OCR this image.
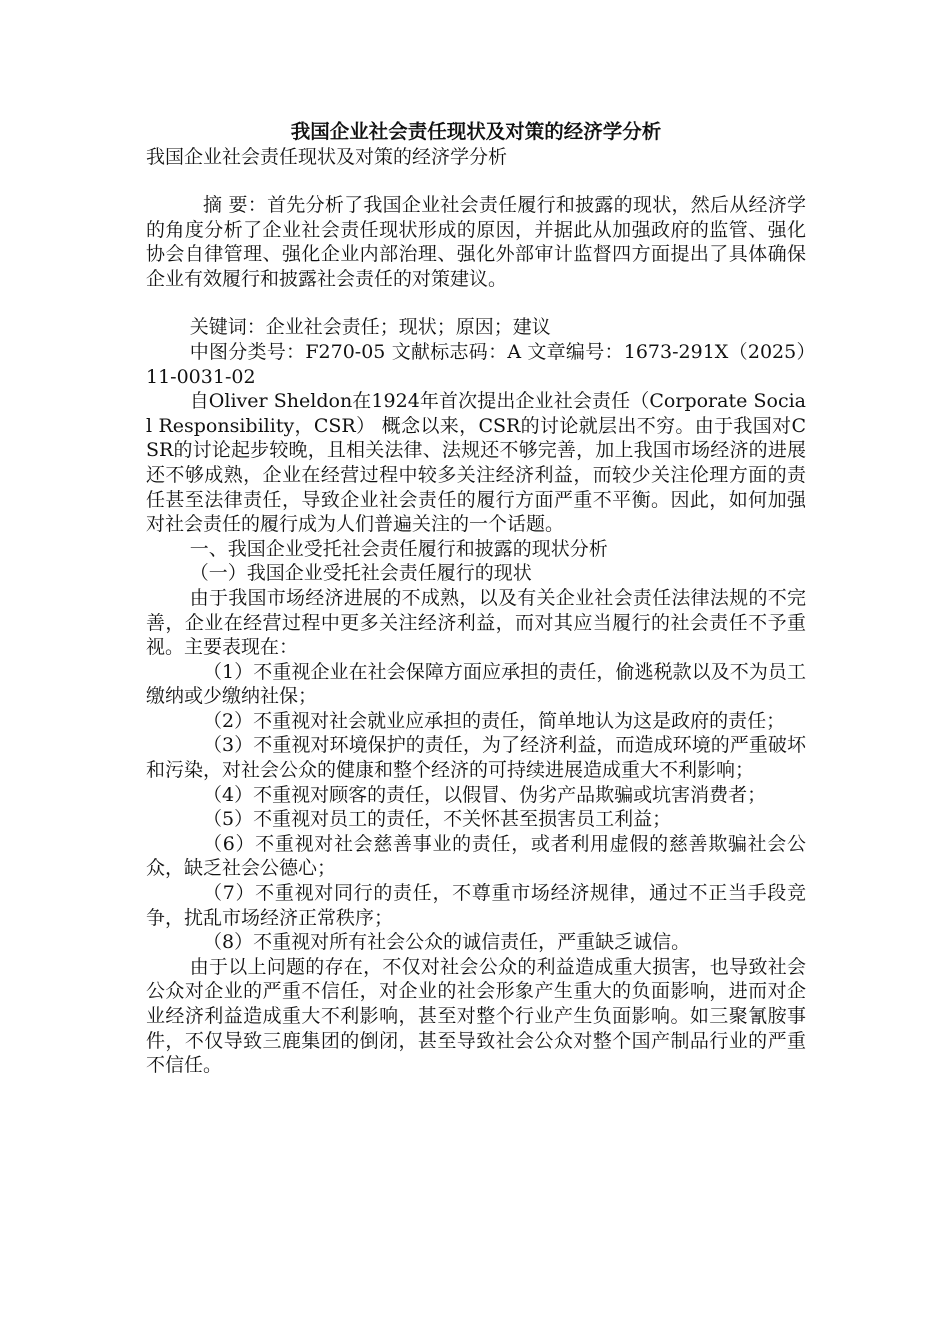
我国企业社会责任现状及对策的经济学分析

我国企业社会责任现状及对策的经济学分析

摘 要：首先分析了我国企业社会责任履行和披露的现状，然后从经济学的角度分析了企业社会责任现状形成的原因，并据此从加强政府的监管、强化协会自律管理、强化企业内部治理、强化外部审计监督四方面提出了具体确保企业有效履行和披露社会责任的对策建议。

关键词：企业社会责任；现状；原因；建议

中图分类号：F270-05 文献标志码：A 文章编号：1673-291X（2025）11-0031-02

自Oliver Sheldon在1924年首次提出企业社会责任（Corporate Social Responsibility，CSR） 概念以来，CSR的讨论就层出不穷。由于我国对CSR的讨论起步较晚，且相关法律、法规还不够完善，加上我国市场经济的进展还不够成熟，企业在经营过程中较多关注经济利益，而较少关注伦理方面的责任甚至法律责任，导致企业社会责任的履行方面严重不平衡。因此，如何加强对社会责任的履行成为人们普遍关注的一个话题。

一、我国企业受托社会责任履行和披露的现状分析

（一）我国企业受托社会责任履行的现状

由于我国市场经济进展的不成熟，以及有关企业社会责任法律法规的不完善，企业在经营过程中更多关注经济利益，而对其应当履行的社会责任不予重视。主要表现在：

（1）不重视企业在社会保障方面应承担的责任，偷逃税款以及不为员工缴纳或少缴纳社保；

（2）不重视对社会就业应承担的责任，简单地认为这是政府的责任；

（3）不重视对环境保护的责任，为了经济利益，而造成环境的严重破坏和污染，对社会公众的健康和整个经济的可持续进展造成重大不利影响；

（4）不重视对顾客的责任，以假冒、伪劣产品欺骗或坑害消费者；

（5）不重视对员工的责任，不关怀甚至损害员工利益；

（6）不重视对社会慈善事业的责任，或者利用虚假的慈善欺骗社会公众，缺乏社会公德心；

（7）不重视对同行的责任，不尊重市场经济规律，通过不正当手段竞争，扰乱市场经济正常秩序；

（8）不重视对所有社会公众的诚信责任，严重缺乏诚信。

由于以上问题的存在，不仅对社会公众的利益造成重大损害，也导致社会公众对企业的严重不信任，对企业的社会形象产生重大的负面影响，进而对企业经济利益造成重大不利影响，甚至对整个行业产生负面影响。如三聚氰胺事件，不仅导致三鹿集团的倒闭，甚至导致社会公众对整个国产制品行业的严重不信任。
